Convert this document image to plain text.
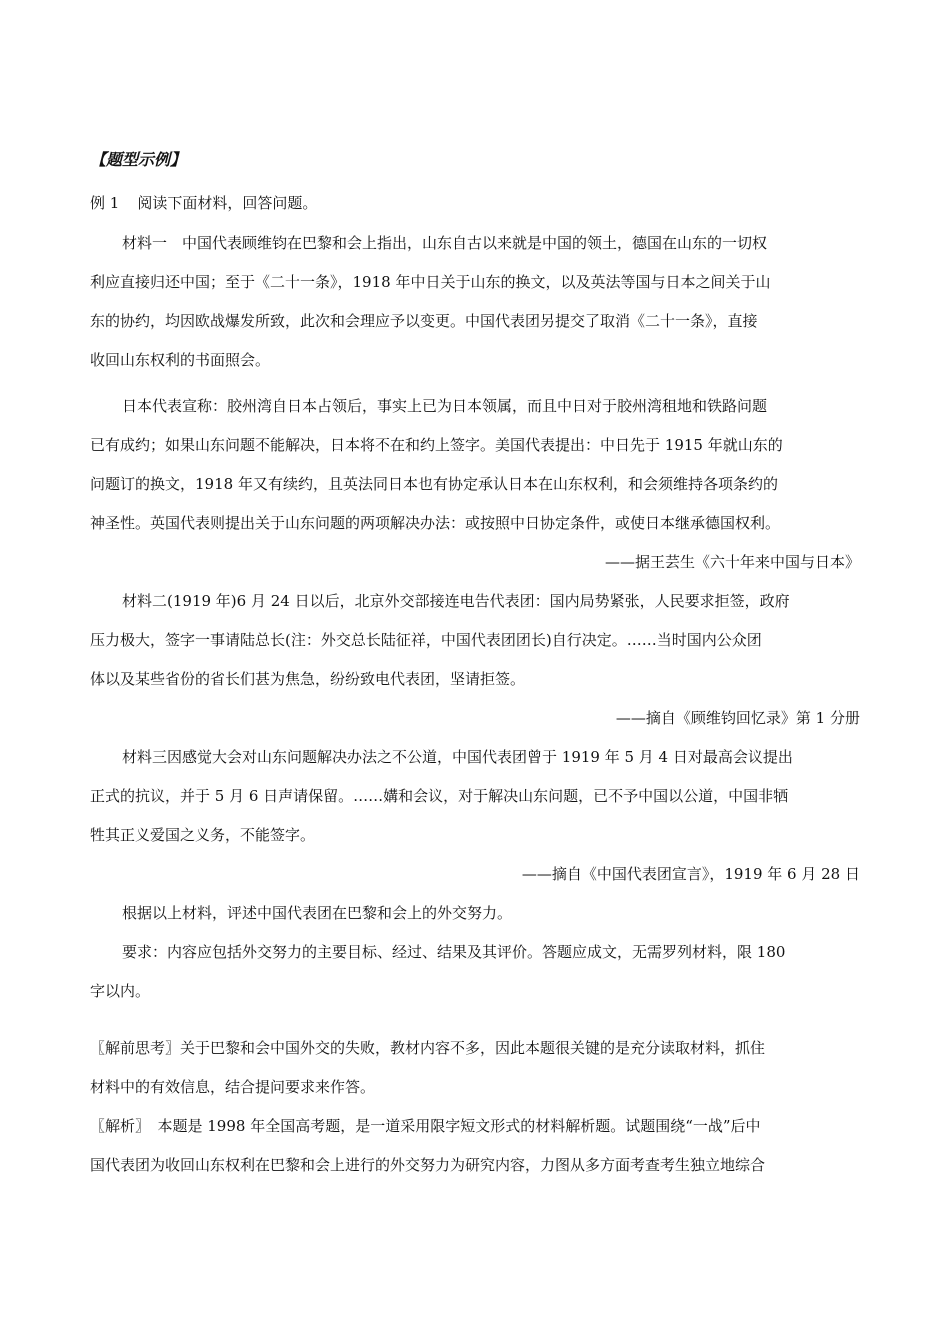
【题型示例】
例 1 阅读下面材料，回答问题。
材料一　中国代表顾维钧在巴黎和会上指出，山东自古以来就是中国的领土，德国在山东的一切权
利应直接归还中国；至于《二十一条》，1918 年中日关于山东的换文，以及英法等国与日本之间关于山
东的协约，均因欧战爆发所致，此次和会理应予以变更。中国代表团另提交了取消《二十一条》，直接
收回山东权利的书面照会。
日本代表宣称：胶州湾自日本占领后，事实上已为日本领属，而且中日对于胶州湾租地和铁路问题
已有成约；如果山东问题不能解决，日本将不在和约上签字。美国代表提出：中日先于 1915 年就山东的
问题订的换文，1918 年又有续约，且英法同日本也有协定承认日本在山东权利，和会须维持各项条约的
神圣性。英国代表则提出关于山东问题的两项解决办法：或按照中日协定条件，或使日本继承德国权利。
——据王芸生《六十年来中国与日本》
材料二(1919 年)6 月 24 日以后，北京外交部接连电告代表团：国内局势紧张，人民要求拒签，政府
压力极大，签字一事请陆总长(注：外交总长陆征祥，中国代表团团长)自行决定。……当时国内公众团
体以及某些省份的省长们甚为焦急，纷纷致电代表团，坚请拒签。
——摘自《顾维钧回忆录》第 1 分册
材料三因感觉大会对山东问题解决办法之不公道，中国代表团曾于 1919 年 5 月 4 日对最高会议提出
正式的抗议，并于 5 月 6 日声请保留。……媾和会议，对于解决山东问题，已不予中国以公道，中国非牺
牲其正义爱国之义务，不能签字。
——摘自《中国代表团宣言》，1919 年 6 月 28 日
根据以上材料，评述中国代表团在巴黎和会上的外交努力。
要求：内容应包括外交努力的主要目标、经过、结果及其评价。答题应成文，无需罗列材料，限 180
字以内。
〖解前思考〗关于巴黎和会中国外交的失败，教材内容不多，因此本题很关键的是充分读取材料，抓住
材料中的有效信息，结合提问要求来作答。
〖解析〗　本题是 1998 年全国高考题，是一道采用限字短文形式的材料解析题。试题围绕“一战”后中
国代表团为收回山东权利在巴黎和会上进行的外交努力为研究内容，力图从多方面考查考生独立地综合
